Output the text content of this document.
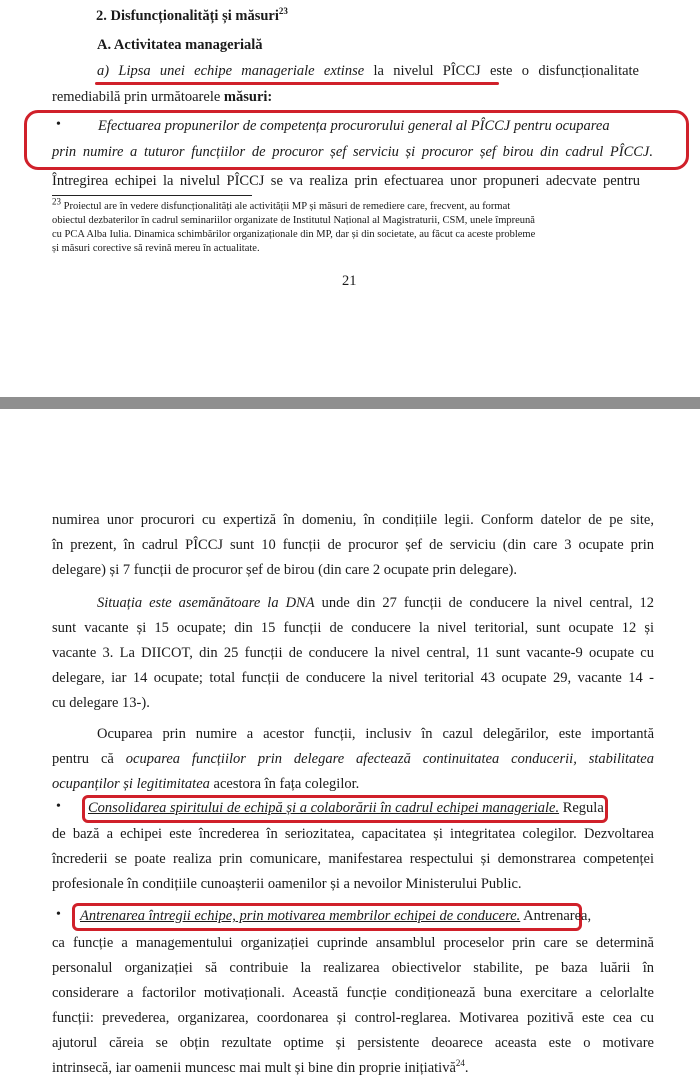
2. Disfuncționalități și măsuri$^{23}$
A. Activitatea managerială
a) Lipsa unei echipe manageriale extinse la nivelul PÎCCJ este o disfuncționalitate
remediabilă prin următoarele măsuri:
•	Efectuarea propunerilor de competența procurorului general al PÎCCJ pentru ocuparea
prin numire a tuturor funcțiilor de procuror șef serviciu și procuror șef birou din cadrul PÎCCJ.
Întregirea echipei la nivelul PÎCCJ se va realiza prin efectuarea unor propuneri adecvate pentru
$^{23}$ Proiectul are în vedere disfuncționalități ale activității MP și măsuri de remediere care, frecvent, au format
obiectul dezbaterilor în cadrul seminariilor organizate de Institutul Național al Magistraturii, CSM, unele împreună
cu PCA Alba Iulia. Dinamica schimbărilor organizaționale din MP, dar și din societate, au făcut ca aceste probleme
și măsuri corective să revină mereu în actualitate.
21
numirea unor procurori cu expertiză în domeniu, în condițiile legii. Conform datelor de pe site,
în prezent, în cadrul PÎCCJ sunt 10 funcții de procuror șef de serviciu (din care 3 ocupate prin
delegare) și 7 funcții de procuror șef de birou (din care 2 ocupate prin delegare).
Situația este asemănătoare la DNA unde din 27 funcții de conducere la nivel central, 12
sunt vacante și 15 ocupate; din 15 funcții de conducere la nivel teritorial, sunt ocupate 12 și
vacante 3. La DIICOT, din 25 funcții de conducere la nivel central, 11 sunt vacante-9 ocupate cu
delegare, iar 14 ocupate; total funcții de conducere la nivel teritorial 43 ocupate 29, vacante 14 -
cu delegare 13-).
Ocuparea prin numire a acestor funcții, inclusiv în cazul delegărilor, este importantă
pentru că ocuparea funcțiilor prin delegare afectează continuitatea conducerii, stabilitatea
ocupanților și legitimitatea acestora în fața colegilor.
• Consolidarea spiritului de echipă și a colaborării în cadrul echipei manageriale. Regula
de bază a echipei este încrederea în seriozitatea, capacitatea și integritatea colegilor. Dezvoltarea
încrederii se poate realiza prin comunicare, manifestarea respectului și demonstrarea competenței
profesionale în condițiile cunoașterii oamenilor și a nevoilor Ministerului Public.
• Antrenarea întregii echipe, prin motivarea membrilor echipei de conducere. Antrenarea,
ca funcție a managementului organizației cuprinde ansamblul proceselor prin care se determină
personalul organizației să contribuie la realizarea obiectivelor stabilite, pe baza luării în
considerare a factorilor motivaționali. Această funcție condiționează buna exercitare a celorlalte
funcții: prevederea, organizarea, coordonarea și control-reglarea. Motivarea pozitivă este cea cu
ajutorul căreia se obțin rezultate optime și persistente deoarece aceasta este o motivare
intrinsecă, iar oamenii muncesc mai mult și bine din proprie inițiativă$^{24}$.
